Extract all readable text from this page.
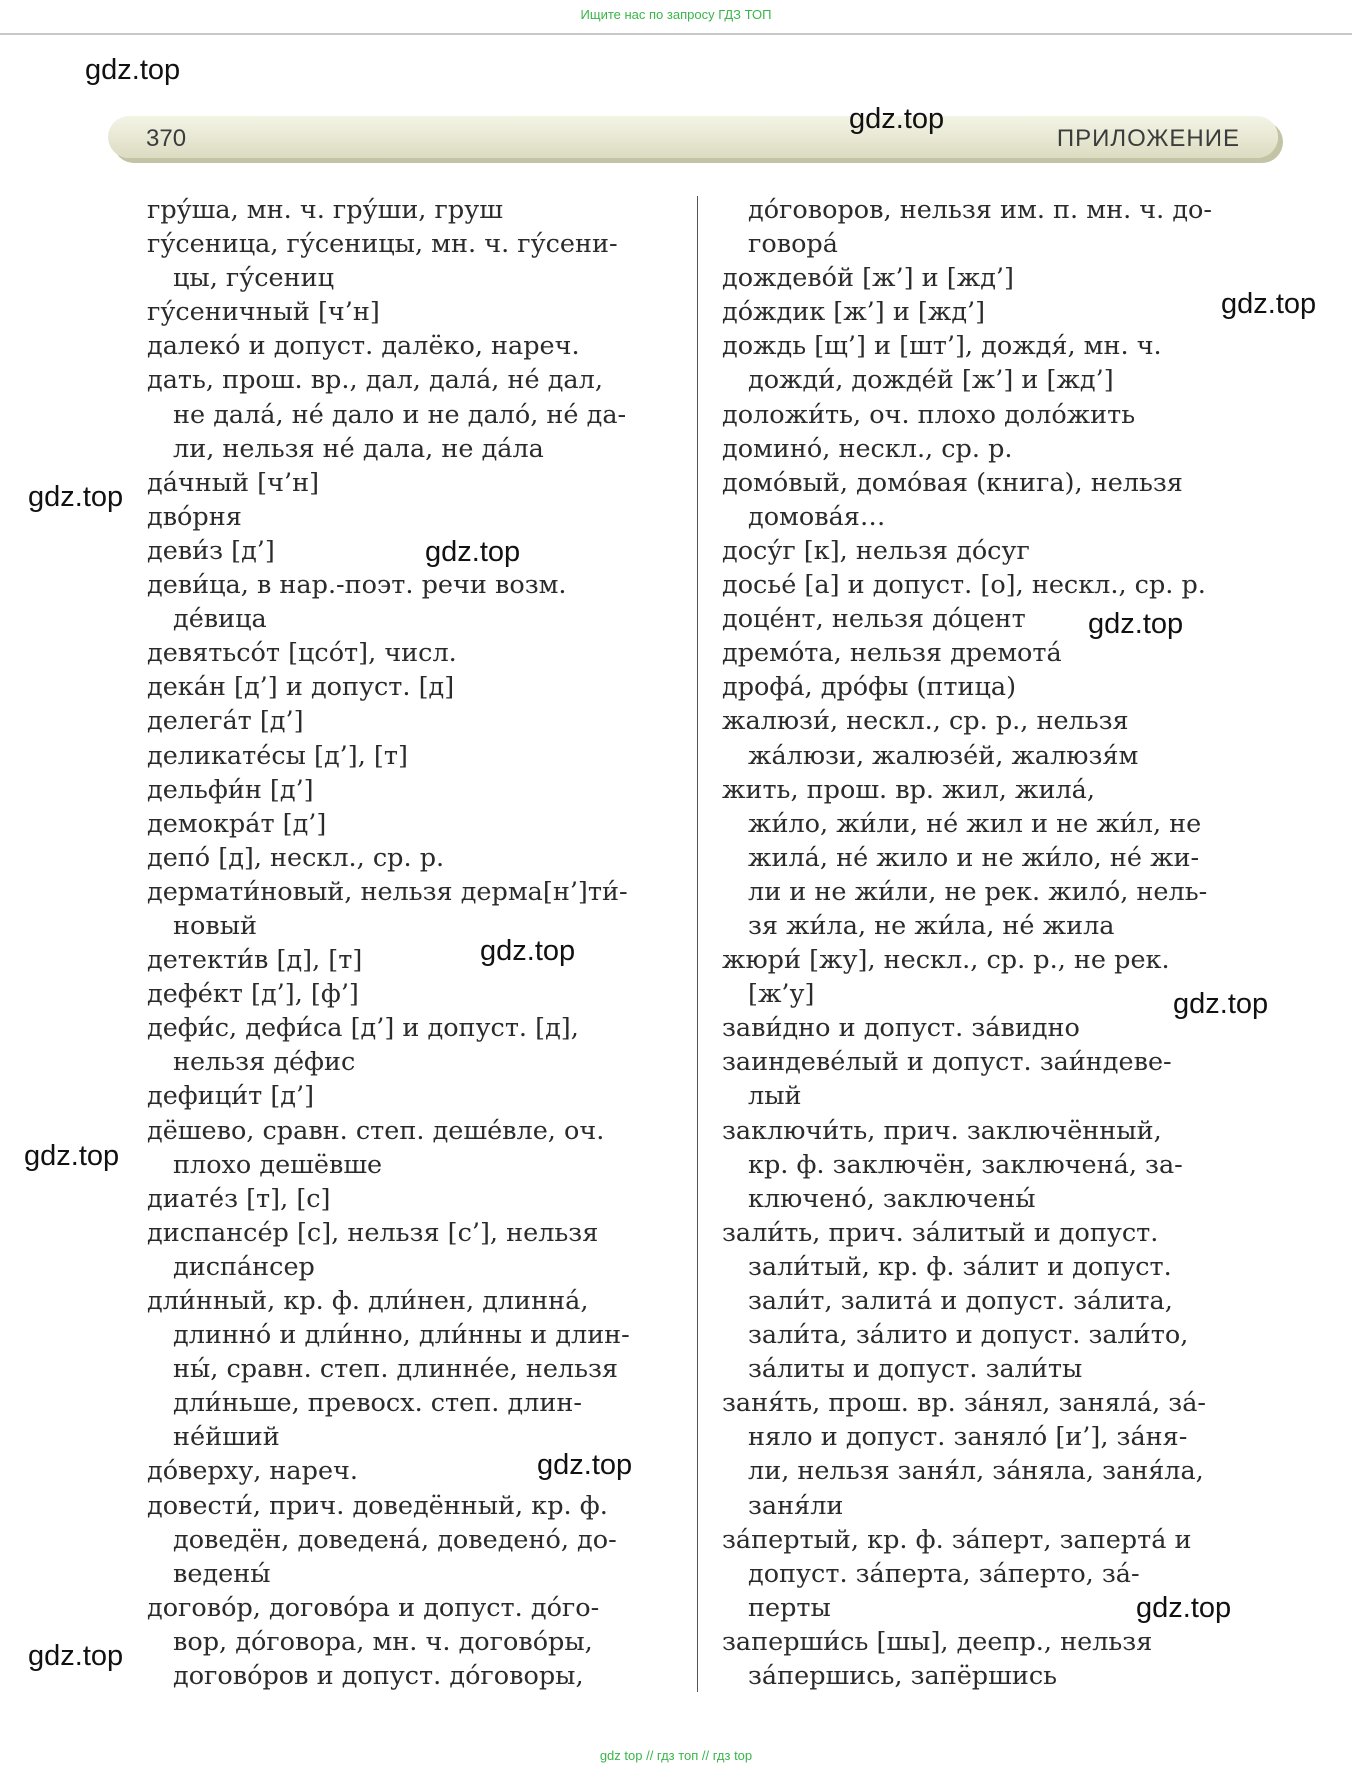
Ищите нас по запросу ГДЗ ТОП
gdz.top
370	ПРИЛОЖЕНИЕ
гру́ша, мн. ч. гру́ши, груш
гу́сеница, гу́сеницы, мн. ч. гу́сени-
цы, гу́сениц
гу́сеничный [ч’н]
далеко́ и допуст. далёко, нареч.
дать, прош. вр., дал, дала́, не́ дал,
не дала́, не́ дало и не дало́, не́ да-
ли, нельзя не́ дала, не да́ла
да́чный [ч’н]
дво́рня
деви́з [д’]
деви́ца, в нар.-поэт. речи возм.
де́вица
девятьсо́т [цсо́т], числ.
дека́н [д’] и допуст. [д]
делега́т [д’]
деликате́сы [д’], [т]
дельфи́н [д’]
демокра́т [д’]
депо́ [д], нескл., ср. р.
дермати́новый, нельзя дерма[н’]ти́-
новый
детекти́в [д], [т]
дефе́кт [д’], [ф’]
дефи́с, дефи́са [д’] и допуст. [д],
нельзя де́фис
дефици́т [д’]
дёшево, сравн. степ. деше́вле, оч.
плохо дешёвше
диате́з [т], [с]
диспансе́р [с], нельзя [с’], нельзя
диспа́нсер
дли́нный, кр. ф. дли́нен, длинна́,
длинно́ и дли́нно, дли́нны и длин-
ны́, сравн. степ. длинне́е, нельзя
дли́ньше, превосх. степ. длин-
не́йший
до́верху, нареч.
довести́, прич. доведённый, кр. ф.
доведён, доведена́, доведено́, до-
ведены́
догово́р, догово́ра и допуст. до́го-
вор, до́говора, мн. ч. догово́ры,
догово́ров и допуст. до́говоры,
до́говоров, нельзя им. п. мн. ч. до-
говора́
дождево́й [ж’] и [жд’]
до́ждик [ж’] и [жд’]
дождь [щ’] и [шт’], дождя́, мн. ч.
дожди́, дожде́й [ж’] и [жд’]
доложи́ть, оч. плохо доло́жить
домино́, нескл., ср. р.
домо́вый, домо́вая (книга), нельзя
домова́я…
досу́г [к], нельзя до́суг
досье́ [а] и допуст. [о], нескл., ср. р.
доце́нт, нельзя до́цент
дремо́та, нельзя дремота́
дрофа́, дро́фы (птица)
жалюзи́, нескл., ср. р., нельзя
жа́люзи, жалюзе́й, жалюзя́м
жить, прош. вр. жил, жила́,
жи́ло, жи́ли, не́ жил и не жи́л, не
жила́, не́ жило и не жи́ло, не́ жи-
ли и не жи́ли, не рек. жило́, нель-
зя жи́ла, не жи́ла, не́ жила
жюри́ [жу], нескл., ср. р., не рек.
[ж’у]
зави́дно и допуст. за́видно
заиндеве́лый и допуст. заи́ндеве-
лый
заключи́ть, прич. заключённый,
кр. ф. заключён, заключена́, за-
ключено́, заключены́
зали́ть, прич. за́литый и допуст.
зали́тый, кр. ф. за́лит и допуст.
зали́т, залита́ и допуст. за́лита,
зали́та, за́лито и допуст. зали́то,
за́литы и допуст. зали́ты
заня́ть, прош. вр. за́нял, заняла́, за́-
няло и допуст. заняло́ [и’], за́ня-
ли, нельзя заня́л, за́няла, заня́ла,
заня́ли
за́пертый, кр. ф. за́перт, заперта́ и
допуст. за́перта, за́перто, за́-
перты
заперши́сь [шы], деепр., нельзя
за́першись, запёршись
gdz.top
gdz.top
gdz.top
gdz.top
gdz.top
gdz.top
gdz.top
gdz.top
gdz.top
gdz.top
gdz.top
gdz top // гдз топ // гдз top
